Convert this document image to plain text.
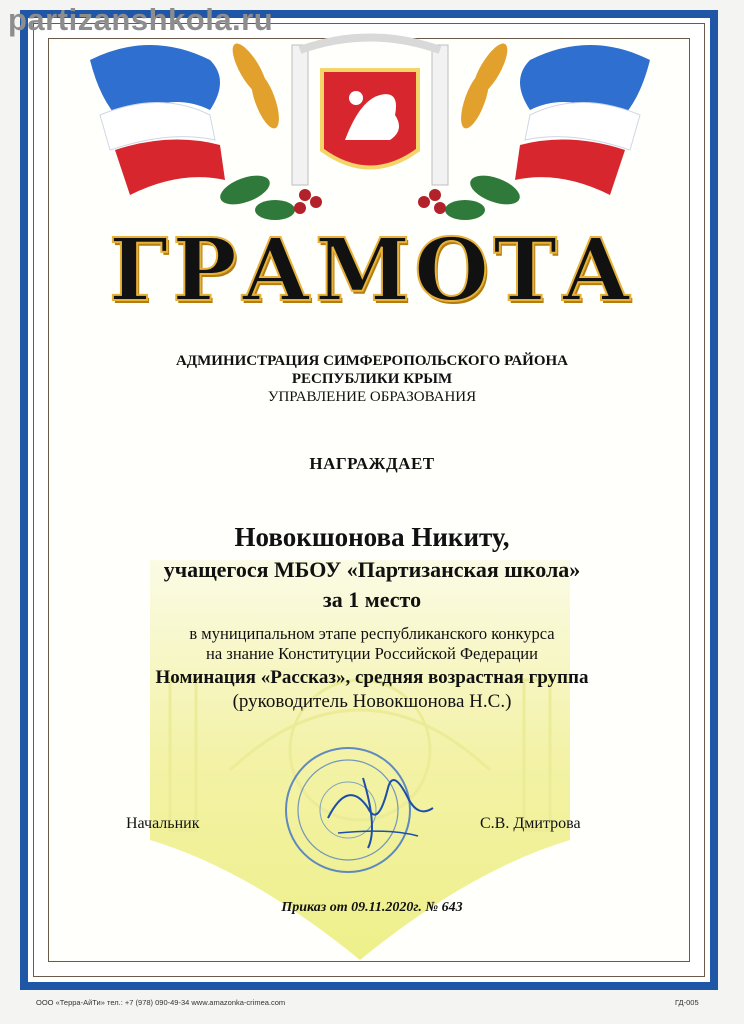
partizanshkola.ru
ГРАМОТА
АДМИНИСТРАЦИЯ СИМФЕРОПОЛЬСКОГО РАЙОНА
РЕСПУБЛИКИ КРЫМ
УПРАВЛЕНИЕ ОБРАЗОВАНИЯ
НАГРАЖДАЕТ
Новокшонова Никиту,
учащегося МБОУ «Партизанская школа»
за 1 место
в муниципальном этапе республиканского конкурса
на знание Конституции Российской Федерации
Номинация «Рассказ», средняя возрастная группа
(руководитель Новокшонова Н.С.)
Начальник	С.В. Дмитрова
Приказ от 09.11.2020г. № 643
ООО «Терра-АйТи» тел.: +7 (978) 090-49-34 www.amazonka-crimea.com	ГД-005
